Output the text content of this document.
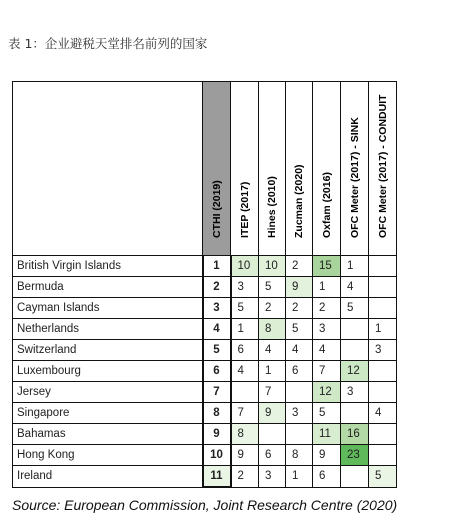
表 1：企业避税天堂排名前列的国家

	CTHI (2019)	ITEP (2017)	Hines (2010)	Zucman (2020)	Oxfam (2016)	OFC Meter (2017) - SINK	OFC Meter (2017) - CONDUIT

British Virgin Islands	1	10	10	2	15	1	
Bermuda	2	3	5	9	1	4	
Cayman Islands	3	5	2	2	2	5	
Netherlands	4	1	8	5	3		1
Switzerland	5	6	4	4	4		3
Luxembourg	6	4	1	6	7	12	
Jersey	7		7		12	3	
Singapore	8	7	9	3	5		4
Bahamas	9	8			11	16	
Hong Kong	10	9	6	8	9	23	
Ireland	11	2	3	1	6		5
Source: European Commission, Joint Research Centre (2020)
